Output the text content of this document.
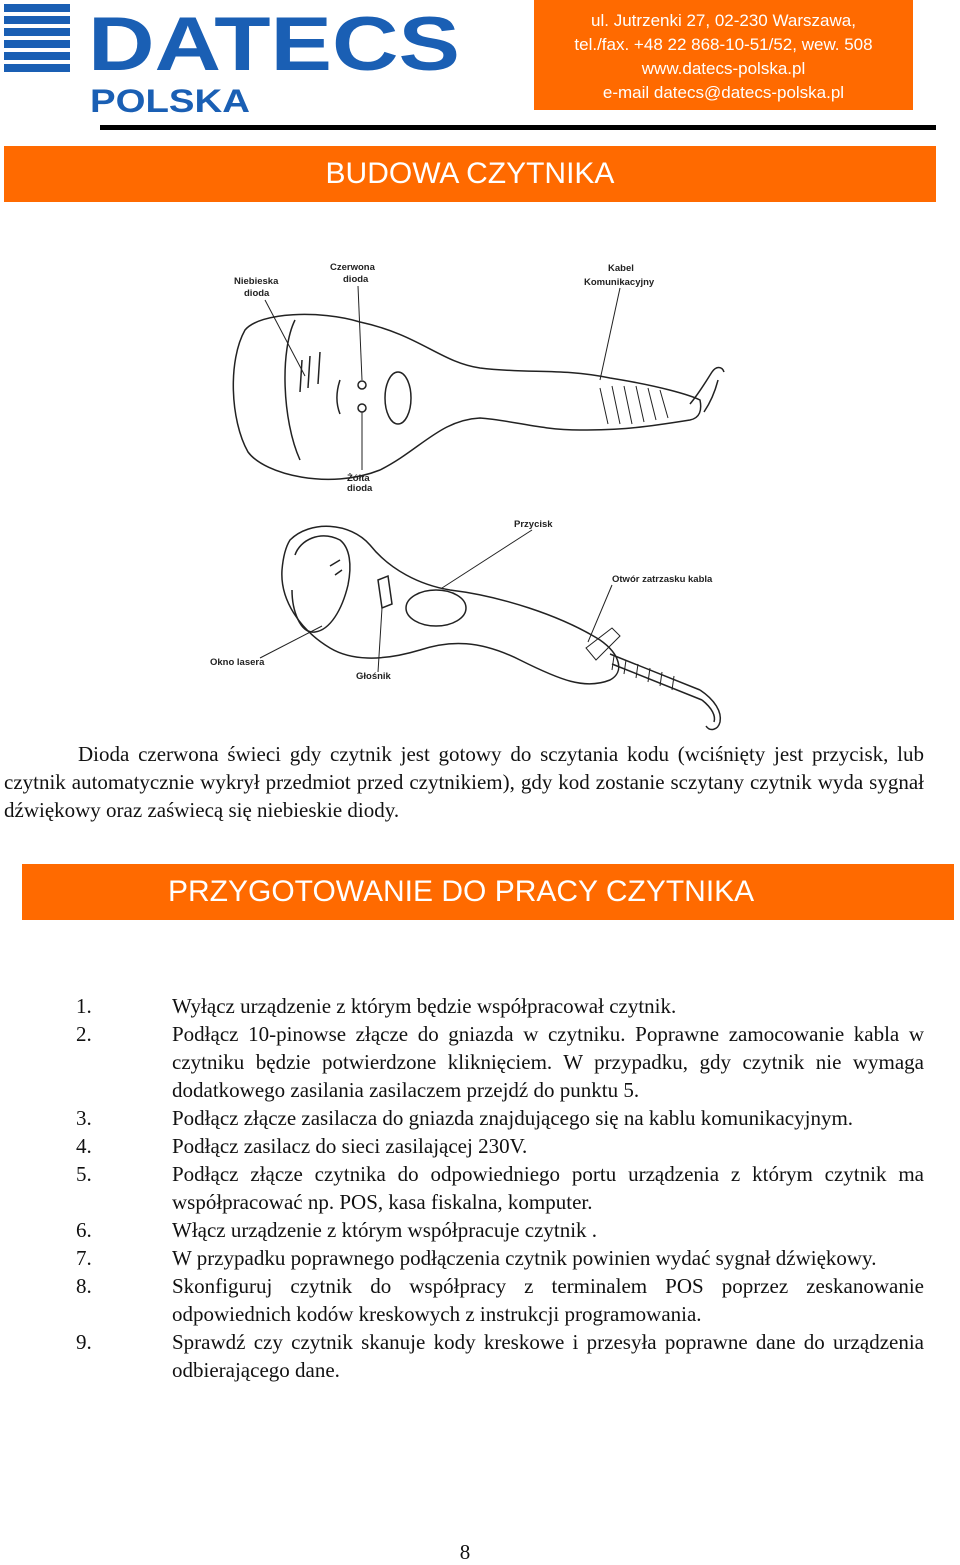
DATECS
POLSKA
ul. Jutrzenki 27, 02-230 Warszawa,
tel./fax. +48 22 868-10-51/52, wew. 508
www.datecs-polska.pl
e-mail datecs@datecs-polska.pl
BUDOWA CZYTNIKA
Niebieska
dioda
Czerwona
dioda
Kabel
Komunikacyjny
Żółta
dioda
Przycisk
Otwór zatrzasku kabla
Okno lasera
Głośnik

Dioda czerwona świeci gdy czytnik jest gotowy do sczytania kodu (wciśnięty jest przycisk, lub czytnik automatycznie wykrył przedmiot przed czytnikiem), gdy kod zostanie sczytany czytnik wyda sygnał dźwiękowy oraz zaświecą się niebieskie diody.

PRZYGOTOWANIE DO PRACY CZYTNIKA
1.	Wyłącz urządzenie z którym będzie współpracował czytnik.
2.	Podłącz 10-pinowse złącze do gniazda w czytniku. Poprawne zamocowanie kabla w czytniku będzie potwierdzone kliknięciem. W przypadku, gdy czytnik nie wymaga dodatkowego zasilania zasilaczem przejdź do punktu 5.
3.	Podłącz złącze zasilacza do gniazda znajdującego się na kablu komunikacyjnym.
4.	Podłącz zasilacz do sieci zasilającej 230V.
5.	Podłącz złącze czytnika do odpowiedniego portu urządzenia z którym czytnik ma współpracować np. POS, kasa fiskalna, komputer.
6.	Włącz urządzenie z którym współpracuje czytnik .
7.	W przypadku poprawnego podłączenia czytnik powinien wydać sygnał dźwiękowy.
8.	Skonfiguruj czytnik do współpracy z terminalem POS poprzez zeskanowanie odpowiednich kodów kreskowych z instrukcji programowania.
9.	Sprawdź czy czytnik skanuje kody kreskowe i przesyła poprawne dane do urządzenia odbierającego dane.
8
